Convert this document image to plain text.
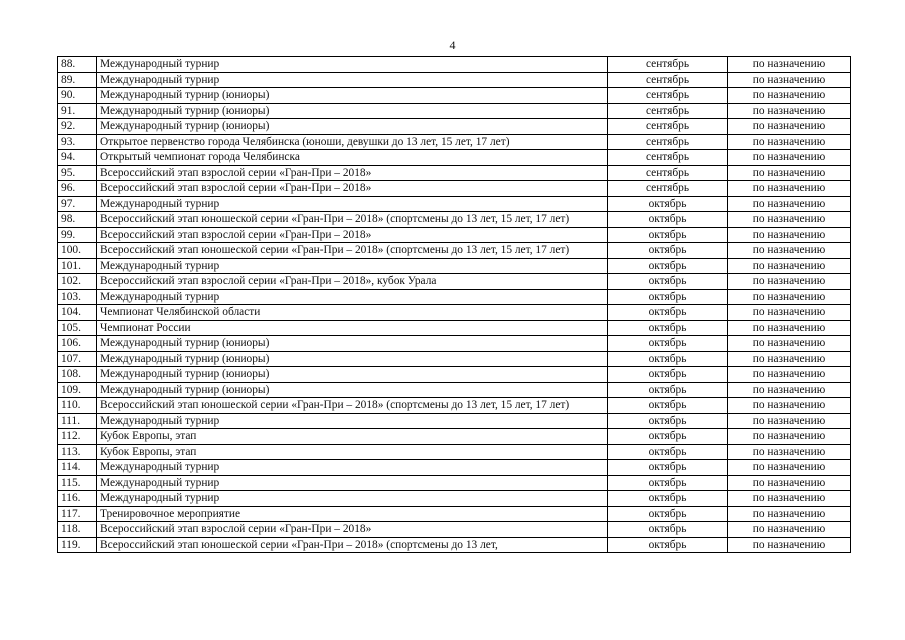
4
88.	Международный турнир	сентябрь	по назначению
89.	Международный турнир	сентябрь	по назначению
90.	Международный турнир (юниоры)	сентябрь	по назначению
91.	Международный турнир (юниоры)	сентябрь	по назначению
92.	Международный турнир (юниоры)	сентябрь	по назначению
93.	Открытое первенство города Челябинска (юноши, девушки до 13 лет, 15 лет, 17 лет)	сентябрь	по назначению
94.	Открытый чемпионат города Челябинска	сентябрь	по назначению
95.	Всероссийский этап взрослой серии «Гран-При – 2018»	сентябрь	по назначению
96.	Всероссийский этап взрослой серии «Гран-При – 2018»	сентябрь	по назначению
97.	Международный турнир	октябрь	по назначению
98.	Всероссийский этап юношеской серии «Гран-При – 2018» (спортсмены до 13 лет, 15 лет, 17 лет)	октябрь	по назначению
99.	Всероссийский этап взрослой серии «Гран-При – 2018»	октябрь	по назначению
100.	Всероссийский этап юношеской серии «Гран-При – 2018» (спортсмены до 13 лет, 15 лет, 17 лет)	октябрь	по назначению
101.	Международный турнир	октябрь	по назначению
102.	Всероссийский этап взрослой серии «Гран-При – 2018», кубок Урала	октябрь	по назначению
103.	Международный турнир	октябрь	по назначению
104.	Чемпионат Челябинской области	октябрь	по назначению
105.	Чемпионат России	октябрь	по назначению
106.	Международный турнир (юниоры)	октябрь	по назначению
107.	Международный турнир (юниоры)	октябрь	по назначению
108.	Международный турнир (юниоры)	октябрь	по назначению
109.	Международный турнир (юниоры)	октябрь	по назначению
110.	Всероссийский этап юношеской серии «Гран-При – 2018» (спортсмены до 13 лет, 15 лет, 17 лет)	октябрь	по назначению
111.	Международный турнир	октябрь	по назначению
112.	Кубок Европы, этап	октябрь	по назначению
113.	Кубок Европы, этап	октябрь	по назначению
114.	Международный турнир	октябрь	по назначению
115.	Международный турнир	октябрь	по назначению
116.	Международный турнир	октябрь	по назначению
117.	Тренировочное мероприятие	октябрь	по назначению
118.	Всероссийский этап взрослой серии «Гран-При – 2018»	октябрь	по назначению
119.	Всероссийский этап юношеской серии «Гран-При – 2018» (спортсмены до 13 лет,	октябрь	по назначению
